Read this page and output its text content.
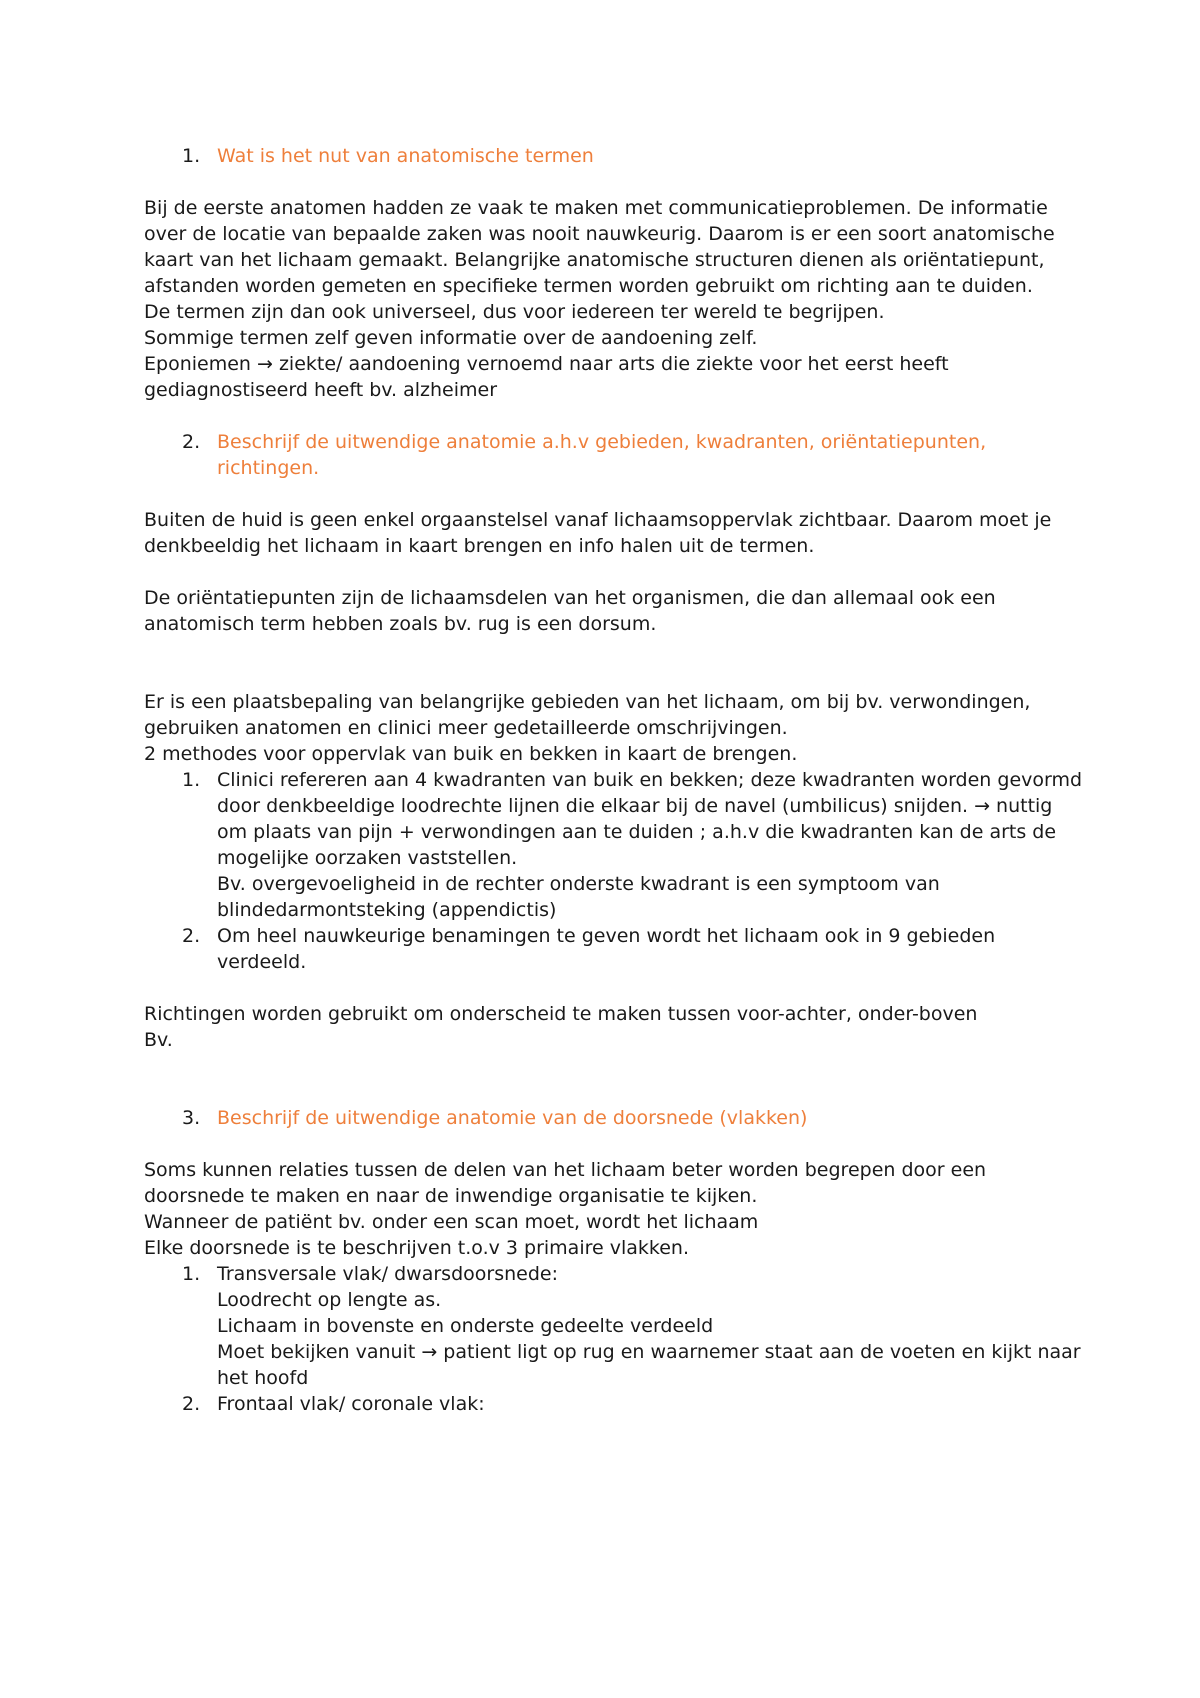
1. Wat is het nut van anatomische termen

Bij de eerste anatomen hadden ze vaak te maken met communicatieproblemen. De informatie over de locatie van bepaalde zaken was nooit nauwkeurig. Daarom is er een soort anatomische kaart van het lichaam gemaakt. Belangrijke anatomische structuren dienen als oriëntatiepunt, afstanden worden gemeten en specifieke termen worden gebruikt om richting aan te duiden.

De termen zijn dan ook universeel, dus voor iedereen ter wereld te begrijpen.

Sommige termen zelf geven informatie over de aandoening zelf.

Eponiemen → ziekte/ aandoening vernoemd naar arts die ziekte voor het eerst heeft gediagnostiseerd heeft bv. alzheimer

2. Beschrijf de uitwendige anatomie a.h.v gebieden, kwadranten, oriëntatiepunten, richtingen.

Buiten de huid is geen enkel orgaanstelsel vanaf lichaamsoppervlak zichtbaar. Daarom moet je denkbeeldig het lichaam in kaart brengen en info halen uit de termen.

De oriëntatiepunten zijn de lichaamsdelen van het organismen, die dan allemaal ook een anatomisch term hebben zoals bv. rug is een dorsum.

Er is een plaatsbepaling van belangrijke gebieden van het lichaam, om bij bv. verwondingen, gebruiken anatomen en clinici meer gedetailleerde omschrijvingen.

2 methodes voor oppervlak van buik en bekken in kaart de brengen.

1. Clinici refereren aan 4 kwadranten van buik en bekken; deze kwadranten worden gevormd door denkbeeldige loodrechte lijnen die elkaar bij de navel (umbilicus) snijden. → nuttig om plaats van pijn + verwondingen aan te duiden ; a.h.v die kwadranten kan de arts de mogelijke oorzaken vaststellen.
Bv. overgevoeligheid in de rechter onderste kwadrant is een symptoom van blindedarmontsteking (appendictis)
2. Om heel nauwkeurige benamingen te geven wordt het lichaam ook in 9 gebieden verdeeld.

Richtingen worden gebruikt om onderscheid te maken tussen voor-achter, onder-boven

Bv.

3. Beschrijf de uitwendige anatomie van de doorsnede (vlakken)

Soms kunnen relaties tussen de delen van het lichaam beter worden begrepen door een doorsnede te maken en naar de inwendige organisatie te kijken.

Wanneer de patiënt bv. onder een scan moet, wordt het lichaam

Elke doorsnede is te beschrijven t.o.v 3 primaire vlakken.

1. Transversale vlak/ dwarsdoorsnede:
Loodrecht op lengte as.
Lichaam in bovenste en onderste gedeelte verdeeld
Moet bekijken vanuit → patient ligt op rug en waarnemer staat aan de voeten en kijkt naar het hoofd
2. Frontaal vlak/ coronale vlak:
